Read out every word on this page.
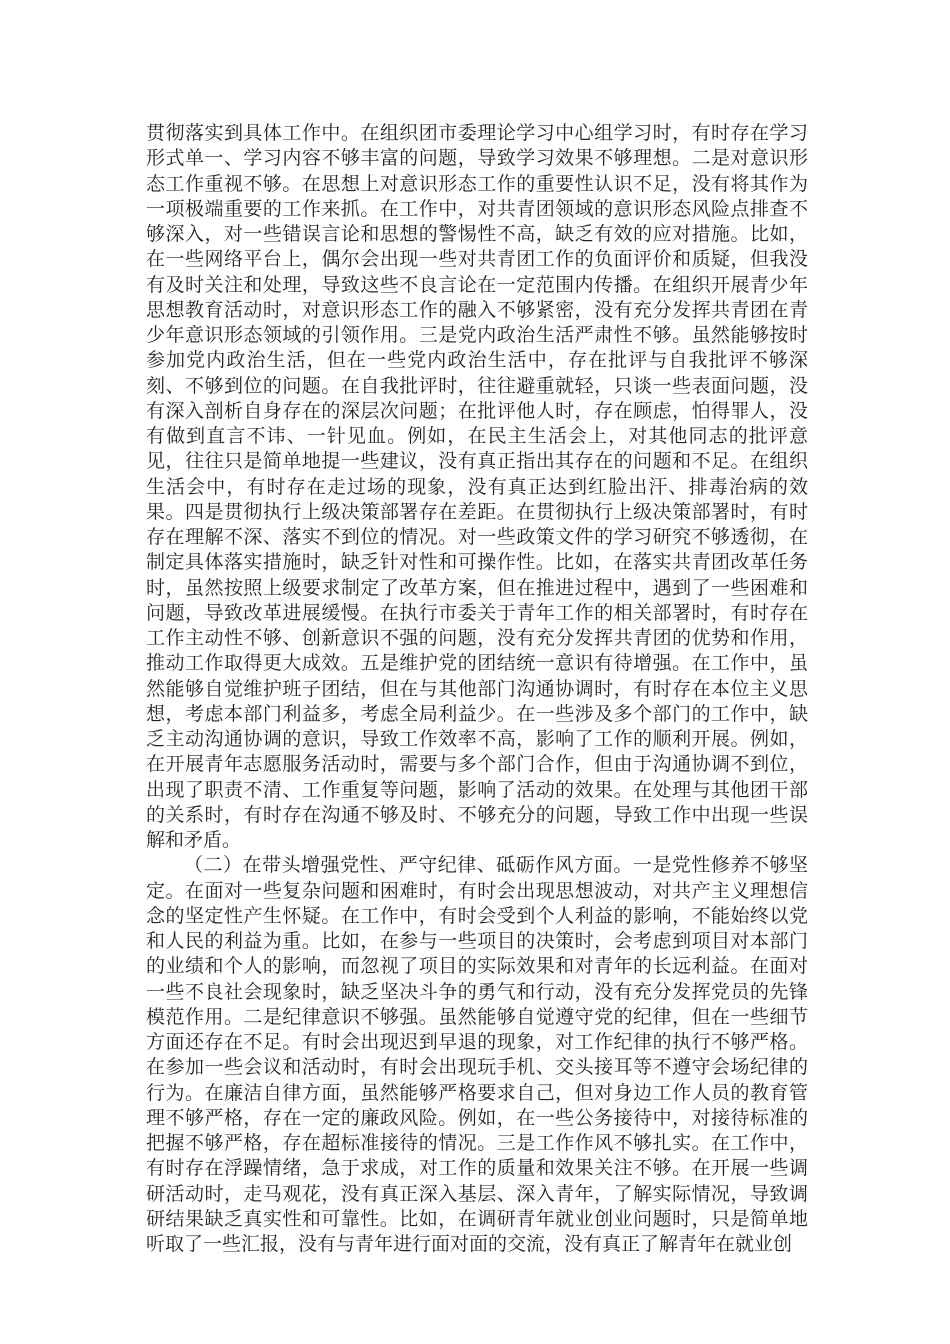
贯彻落实到具体工作中。在组织团市委理论学习中心组学习时，有时存在学习形式单一、学习内容不够丰富的问题，导致学习效果不够理想。二是对意识形态工作重视不够。在思想上对意识形态工作的重要性认识不足，没有将其作为一项极端重要的工作来抓。在工作中，对共青团领域的意识形态风险点排查不够深入，对一些错误言论和思想的警惕性不高，缺乏有效的应对措施。比如，在一些网络平台上，偶尔会出现一些对共青团工作的负面评价和质疑，但我没有及时关注和处理，导致这些不良言论在一定范围内传播。在组织开展青少年思想教育活动时，对意识形态工作的融入不够紧密，没有充分发挥共青团在青少年意识形态领域的引领作用。三是党内政治生活严肃性不够。虽然能够按时参加党内政治生活，但在一些党内政治生活中，存在批评与自我批评不够深刻、不够到位的问题。在自我批评时，往往避重就轻，只谈一些表面问题，没有深入剖析自身存在的深层次问题；在批评他人时，存在顾虑，怕得罪人，没有做到直言不讳、一针见血。例如，在民主生活会上，对其他同志的批评意见，往往只是简单地提一些建议，没有真正指出其存在的问题和不足。在组织生活会中，有时存在走过场的现象，没有真正达到红脸出汗、排毒治病的效果。四是贯彻执行上级决策部署存在差距。在贯彻执行上级决策部署时，有时存在理解不深、落实不到位的情况。对一些政策文件的学习研究不够透彻，在制定具体落实措施时，缺乏针对性和可操作性。比如，在落实共青团改革任务时，虽然按照上级要求制定了改革方案，但在推进过程中，遇到了一些困难和问题，导致改革进展缓慢。在执行市委关于青年工作的相关部署时，有时存在工作主动性不够、创新意识不强的问题，没有充分发挥共青团的优势和作用，推动工作取得更大成效。五是维护党的团结统一意识有待增强。在工作中，虽然能够自觉维护班子团结，但在与其他部门沟通协调时，有时存在本位主义思想，考虑本部门利益多，考虑全局利益少。在一些涉及多个部门的工作中，缺乏主动沟通协调的意识，导致工作效率不高，影响了工作的顺利开展。例如，在开展青年志愿服务活动时，需要与多个部门合作，但由于沟通协调不到位，出现了职责不清、工作重复等问题，影响了活动的效果。在处理与其他团干部的关系时，有时存在沟通不够及时、不够充分的问题，导致工作中出现一些误解和矛盾。

（二）在带头增强党性、严守纪律、砥砺作风方面。一是党性修养不够坚定。在面对一些复杂问题和困难时，有时会出现思想波动，对共产主义理想信念的坚定性产生怀疑。在工作中，有时会受到个人利益的影响，不能始终以党和人民的利益为重。比如，在参与一些项目的决策时，会考虑到项目对本部门的业绩和个人的影响，而忽视了项目的实际效果和对青年的长远利益。在面对一些不良社会现象时，缺乏坚决斗争的勇气和行动，没有充分发挥党员的先锋模范作用。二是纪律意识不够强。虽然能够自觉遵守党的纪律，但在一些细节方面还存在不足。有时会出现迟到早退的现象，对工作纪律的执行不够严格。在参加一些会议和活动时，有时会出现玩手机、交头接耳等不遵守会场纪律的行为。在廉洁自律方面，虽然能够严格要求自己，但对身边工作人员的教育管理不够严格，存在一定的廉政风险。例如，在一些公务接待中，对接待标准的把握不够严格，存在超标准接待的情况。三是工作作风不够扎实。在工作中，有时存在浮躁情绪，急于求成，对工作的质量和效果关注不够。在开展一些调研活动时，走马观花，没有真正深入基层、深入青年，了解实际情况，导致调研结果缺乏真实性和可靠性。比如，在调研青年就业创业问题时，只是简单地听取了一些汇报，没有与青年进行面对面的交流，没有真正了解青年在就业创
